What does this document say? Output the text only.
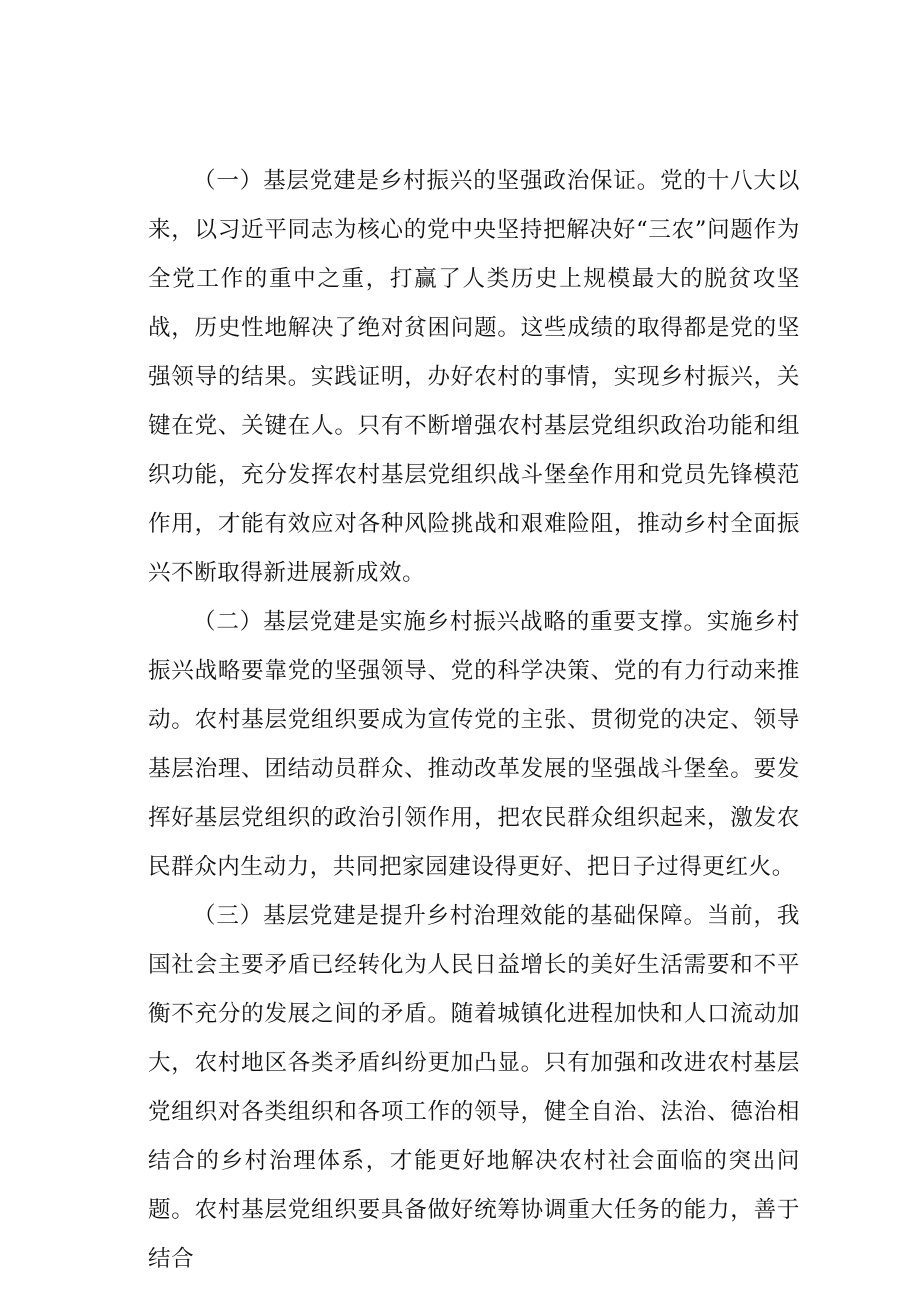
（一）基层党建是乡村振兴的坚强政治保证。党的十八大以来，以习近平同志为核心的党中央坚持把解决好“三农”问题作为全党工作的重中之重，打赢了人类历史上规模最大的脱贫攻坚战，历史性地解决了绝对贫困问题。这些成绩的取得都是党的坚强领导的结果。实践证明，办好农村的事情，实现乡村振兴，关键在党、关键在人。只有不断增强农村基层党组织政治功能和组织功能，充分发挥农村基层党组织战斗堡垒作用和党员先锋模范作用，才能有效应对各种风险挑战和艰难险阻，推动乡村全面振兴不断取得新进展新成效。

（二）基层党建是实施乡村振兴战略的重要支撑。实施乡村振兴战略要靠党的坚强领导、党的科学决策、党的有力行动来推动。农村基层党组织要成为宣传党的主张、贯彻党的决定、领导基层治理、团结动员群众、推动改革发展的坚强战斗堡垒。要发挥好基层党组织的政治引领作用，把农民群众组织起来，激发农民群众内生动力，共同把家园建设得更好、把日子过得更红火。

（三）基层党建是提升乡村治理效能的基础保障。当前，我国社会主要矛盾已经转化为人民日益增长的美好生活需要和不平衡不充分的发展之间的矛盾。随着城镇化进程加快和人口流动加大，农村地区各类矛盾纠纷更加凸显。只有加强和改进农村基层党组织对各类组织和各项工作的领导，健全自治、法治、德治相结合的乡村治理体系，才能更好地解决农村社会面临的突出问题。农村基层党组织要具备做好统筹协调重大任务的能力，善于结合
